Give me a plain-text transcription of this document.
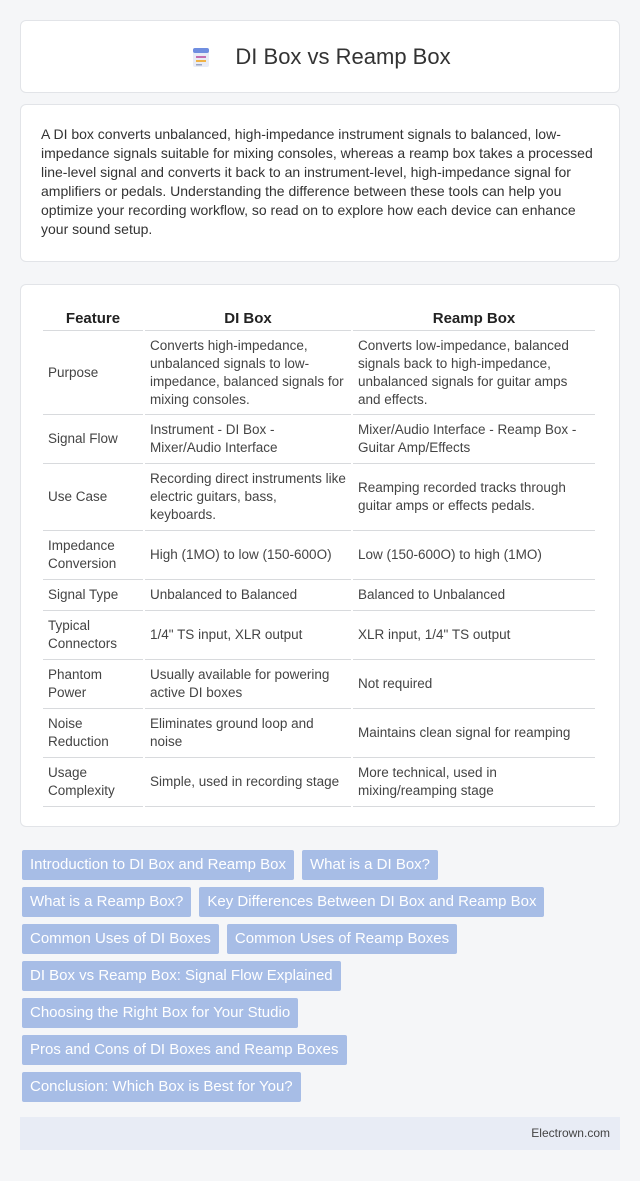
DI Box vs Reamp Box

A DI box converts unbalanced, high-impedance instrument signals to balanced, low-impedance signals suitable for mixing consoles, whereas a reamp box takes a processed line-level signal and converts it back to an instrument-level, high-impedance signal for amplifiers or pedals. Understanding the difference between these tools can help you optimize your recording workflow, so read on to explore how each device can enhance your sound setup.

Feature	DI Box	Reamp Box
Purpose	Converts high-impedance, unbalanced signals to low-impedance, balanced signals for mixing consoles.	Converts low-impedance, balanced signals back to high-impedance, unbalanced signals for guitar amps and effects.
Signal Flow	Instrument - DI Box - Mixer/Audio Interface	Mixer/Audio Interface - Reamp Box - Guitar Amp/Effects
Use Case	Recording direct instruments like electric guitars, bass, keyboards.	Reamping recorded tracks through guitar amps or effects pedals.
Impedance Conversion	High (1MO) to low (150-600O)	Low (150-600O) to high (1MO)
Signal Type	Unbalanced to Balanced	Balanced to Unbalanced
Typical Connectors	1/4" TS input, XLR output	XLR input, 1/4" TS output
Phantom Power	Usually available for powering active DI boxes	Not required
Noise Reduction	Eliminates ground loop and noise	Maintains clean signal for reamping
Usage Complexity	Simple, used in recording stage	More technical, used in mixing/reamping stage
Introduction to DI Box and Reamp Box	What is a DI Box?
What is a Reamp Box?	Key Differences Between DI Box and Reamp Box
Common Uses of DI Boxes	Common Uses of Reamp Boxes
DI Box vs Reamp Box: Signal Flow Explained
Choosing the Right Box for Your Studio
Pros and Cons of DI Boxes and Reamp Boxes
Conclusion: Which Box is Best for You?
Electrown.com
